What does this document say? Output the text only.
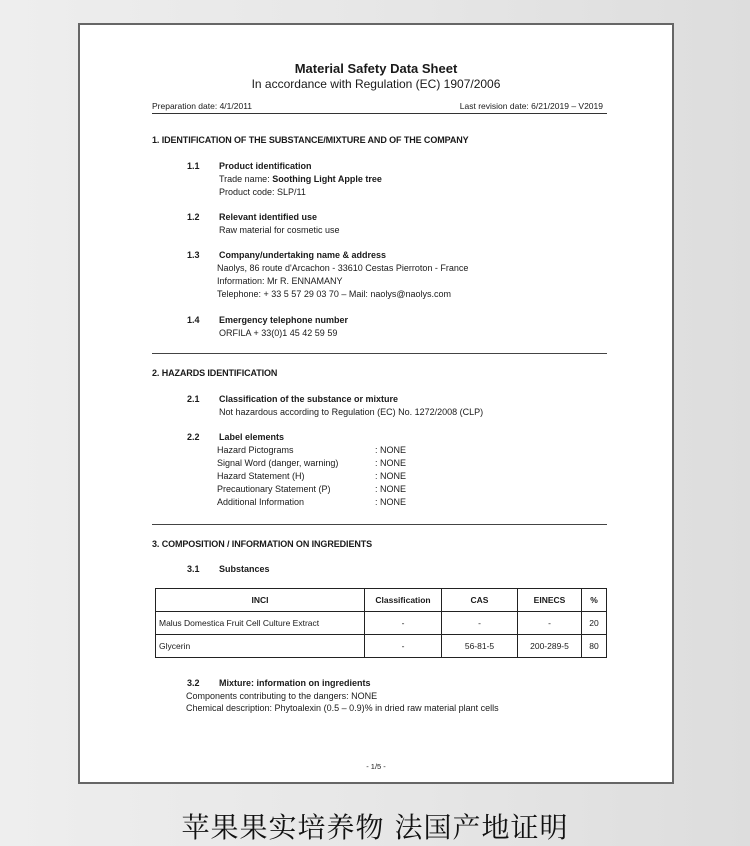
Material Safety Data Sheet
In accordance with Regulation (EC) 1907/2006
Preparation date: 4/1/2011	Last revision date: 6/21/2019 – V2019
1. IDENTIFICATION OF THE SUBSTANCE/MIXTURE AND OF THE COMPANY
1.1 Product identification
Trade name: Soothing Light Apple tree
Product code: SLP/11
1.2 Relevant identified use
Raw material for cosmetic use
1.3 Company/undertaking name & address
Naolys, 86 route d'Arcachon - 33610 Cestas Pierroton - France
Information: Mr R. ENNAMANY
Telephone: + 33 5 57 29 03 70 – Mail: naolys@naolys.com
1.4 Emergency telephone number
ORFILA + 33(0)1 45 42 59 59
2. HAZARDS IDENTIFICATION
2.1 Classification of the substance or mixture
Not hazardous according to Regulation (EC) No. 1272/2008 (CLP)
2.2 Label elements
Hazard Pictograms	: NONE
Signal Word (danger, warning)	: NONE
Hazard Statement (H)	: NONE
Precautionary Statement (P)	: NONE
Additional Information	: NONE
3. COMPOSITION / INFORMATION ON INGREDIENTS
3.1 Substances
INCI	Classification	CAS	EINECS	%
Malus Domestica Fruit Cell Culture Extract	-	-	-	20
Glycerin	-	56-81-5	200-289-5	80
3.2 Mixture: information on ingredients
Components contributing to the dangers: NONE
Chemical description: Phytoalexin (0.5 – 0.9)% in dried raw material plant cells
- 1/5 -
苹果果实培养物 法国产地证明
